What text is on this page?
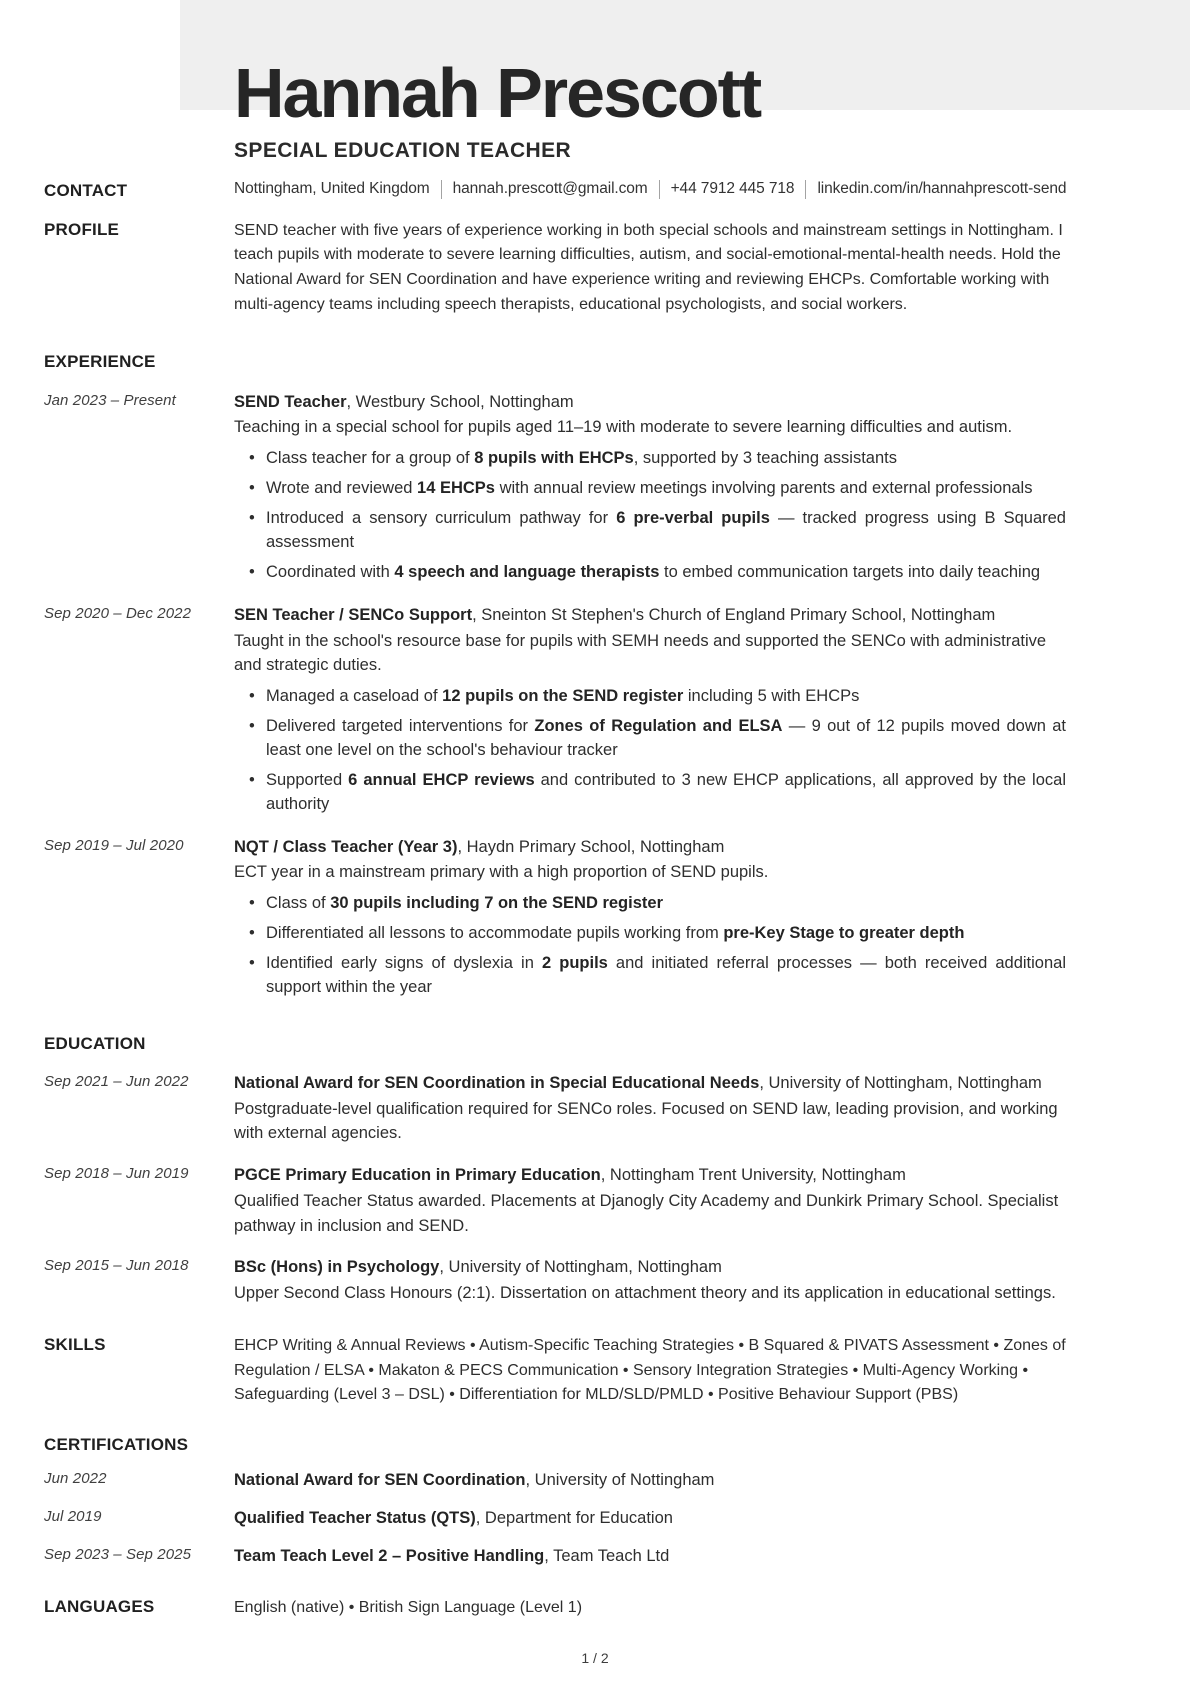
Hannah Prescott
SPECIAL EDUCATION TEACHER
CONTACT	Nottingham, United Kingdom hannah.prescott@gmail.com +44 7912 445 718 linkedin.com/in/hannahprescott-send
PROFILE	SEND teacher with five years of experience working in both special schools and mainstream settings in Nottingham. I teach pupils with moderate to severe learning difficulties, autism, and social-emotional-mental-health needs. Hold the National Award for SEN Coordination and have experience writing and reviewing EHCPs. Comfortable working with multi-agency teams including speech therapists, educational psychologists, and social workers.
EXPERIENCE
Jan 2023 – Present	SEND Teacher, Westbury School, Nottingham
Teaching in a special school for pupils aged 11–19 with moderate to severe learning difficulties and autism.
• Class teacher for a group of 8 pupils with EHCPs, supported by 3 teaching assistants
• Wrote and reviewed 14 EHCPs with annual review meetings involving parents and external professionals
• Introduced a sensory curriculum pathway for 6 pre-verbal pupils — tracked progress using B Squared assessment
• Coordinated with 4 speech and language therapists to embed communication targets into daily teaching
Sep 2020 – Dec 2022	SEN Teacher / SENCo Support, Sneinton St Stephen's Church of England Primary School, Nottingham
Taught in the school's resource base for pupils with SEMH needs and supported the SENCo with administrative and strategic duties.
• Managed a caseload of 12 pupils on the SEND register including 5 with EHCPs
• Delivered targeted interventions for Zones of Regulation and ELSA — 9 out of 12 pupils moved down at least one level on the school's behaviour tracker
• Supported 6 annual EHCP reviews and contributed to 3 new EHCP applications, all approved by the local authority
Sep 2019 – Jul 2020	NQT / Class Teacher (Year 3), Haydn Primary School, Nottingham
ECT year in a mainstream primary with a high proportion of SEND pupils.
• Class of 30 pupils including 7 on the SEND register
• Differentiated all lessons to accommodate pupils working from pre-Key Stage to greater depth
• Identified early signs of dyslexia in 2 pupils and initiated referral processes — both received additional support within the year
EDUCATION
Sep 2021 – Jun 2022	National Award for SEN Coordination in Special Educational Needs, University of Nottingham, Nottingham
Postgraduate-level qualification required for SENCo roles. Focused on SEND law, leading provision, and working with external agencies.
Sep 2018 – Jun 2019	PGCE Primary Education in Primary Education, Nottingham Trent University, Nottingham
Qualified Teacher Status awarded. Placements at Djanogly City Academy and Dunkirk Primary School. Specialist pathway in inclusion and SEND.
Sep 2015 – Jun 2018	BSc (Hons) in Psychology, University of Nottingham, Nottingham
Upper Second Class Honours (2:1). Dissertation on attachment theory and its application in educational settings.
SKILLS	EHCP Writing & Annual Reviews • Autism-Specific Teaching Strategies • B Squared & PIVATS Assessment • Zones of Regulation / ELSA • Makaton & PECS Communication • Sensory Integration Strategies • Multi-Agency Working • Safeguarding (Level 3 – DSL) • Differentiation for MLD/SLD/PMLD • Positive Behaviour Support (PBS)
CERTIFICATIONS
Jun 2022	National Award for SEN Coordination, University of Nottingham
Jul 2019	Qualified Teacher Status (QTS), Department for Education
Sep 2023 – Sep 2025	Team Teach Level 2 – Positive Handling, Team Teach Ltd
LANGUAGES	English (native) • British Sign Language (Level 1)
1 / 2
